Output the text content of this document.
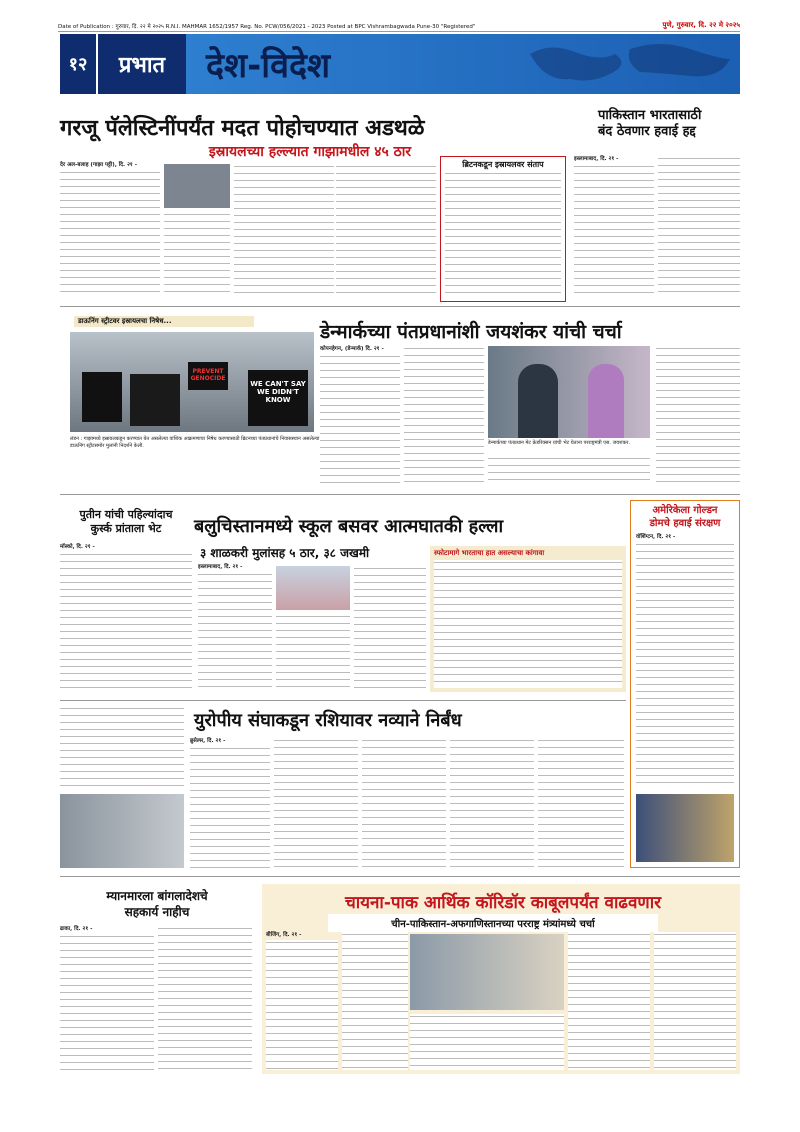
Date of Publication : गुरुवार, दि. २२ मे २०२५ R.N.I. MAHMAR 1652/1957 Reg. No. PCW/056/2021 - 2023 Posted at BPC Vishrambagwada Pune-30 "Registered"	पुणे, गुरुवार, दि. २२ मे २०२५
१२	प्रभात	देश-विदेश
गरजू पॅलेस्टिनींपर्यंत मदत पोहोचण्यात अडथळे
इस्रायलच्या हल्ल्यात गाझामधील ४५ ठार
देर अल-बलाह (गाझा पट्टी), दि. २१ -	ब्रिटनकडून इस्रायलवर संताप
पाकिस्तान भारतासाठी
बंद ठेवणार हवाई हद्द
इस्लामाबाद, दि. २१ -
डाऊनिंग स्ट्रीटवर इस्रायलचा निषेध...
PREVENT GENOCIDE
WE CAN'T SAY WE DIDN'T KNOW
लंडन : गाझामध्ये इस्रायलकडून करण्यात येत असलेल्या वांशिक आक्रमणाचा निषेध करण्यासाठी ब्रिटनच्या पंतप्रधानांचे निवासस्थान असलेल्या डाऊनिंग स्ट्रीटसमोर मुलांनी निदर्शने केली.
डेन्मार्कच्या पंतप्रधानांशी जयशंकर यांची चर्चा
कोपनहेगन, (डेन्मार्क) दि. २१ -
डेन्मार्कच्या पंतप्रधान मेट फ्रेडरिक्सन यांची भेट घेताना परराष्ट्रमंत्री एस. जयशंकर.
पुतीन यांची पहिल्यांदाच
कुर्स्क प्रांताला भेट
मॉस्को, दि. २१ -
बलुचिस्तानमध्ये स्कूल बसवर आत्मघातकी हल्ला
३ शाळकरी मुलांसह ५ ठार, ३८ जखमी
इस्लामाबाद, दि. २१ -
स्फोटामागे भारताचा हात असल्याचा कांगावा
अमेरिकेला गोल्डन
डोमचे हवाई संरक्षण
वॉशिंग्टन, दि. २१ -
युरोपीय संघाकडून रशियावर नव्याने निर्बंध
ब्रुसेल्स, दि. २१ -
म्यानमारला बांगलादेशचे
सहकार्य नाहीच
ढाका, दि. २१ -
चायना-पाक आर्थिक कॉरिडॉर काबूलपर्यंत वाढवणार
चीन-पाकिस्तान-अफगाणिस्तानच्या परराष्ट्र मंत्र्यांमध्ये चर्चा
बीजिंग, दि. २१ -
